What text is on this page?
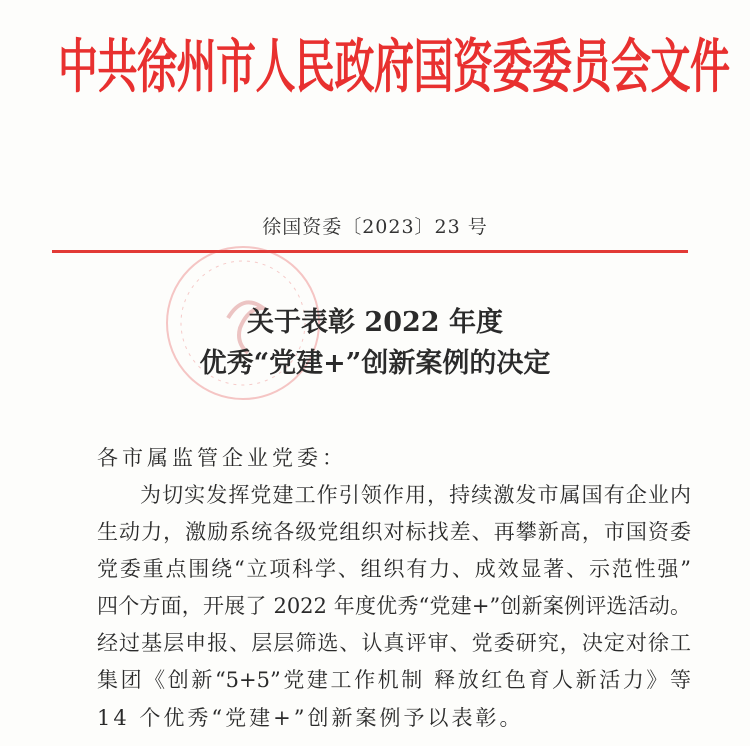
中 共 徐 州 市 人 民 政 府 国 资 委 委 员 会 文 件
徐国资委〔2023〕23 号
关于表彰 2022 年度
优秀“党建+”创新案例的决定
各市属监管企业党委：
为切实发挥党建工作引领作用，持续激发市属国有企业内
生动力，激励系统各级党组织对标找差、再攀新高，市国资委
党委重点围绕“立项科学、组织有力、成效显著、示范性强”
四个方面，开展了 2022 年度优秀“党建+”创新案例评选活动。
经过基层申报、层层筛选、认真评审、党委研究，决定对徐工
集团《创新“5+5”党建工作机制 释放红色育人新活力》等
14 个优秀“党建+”创新案例予以表彰。
